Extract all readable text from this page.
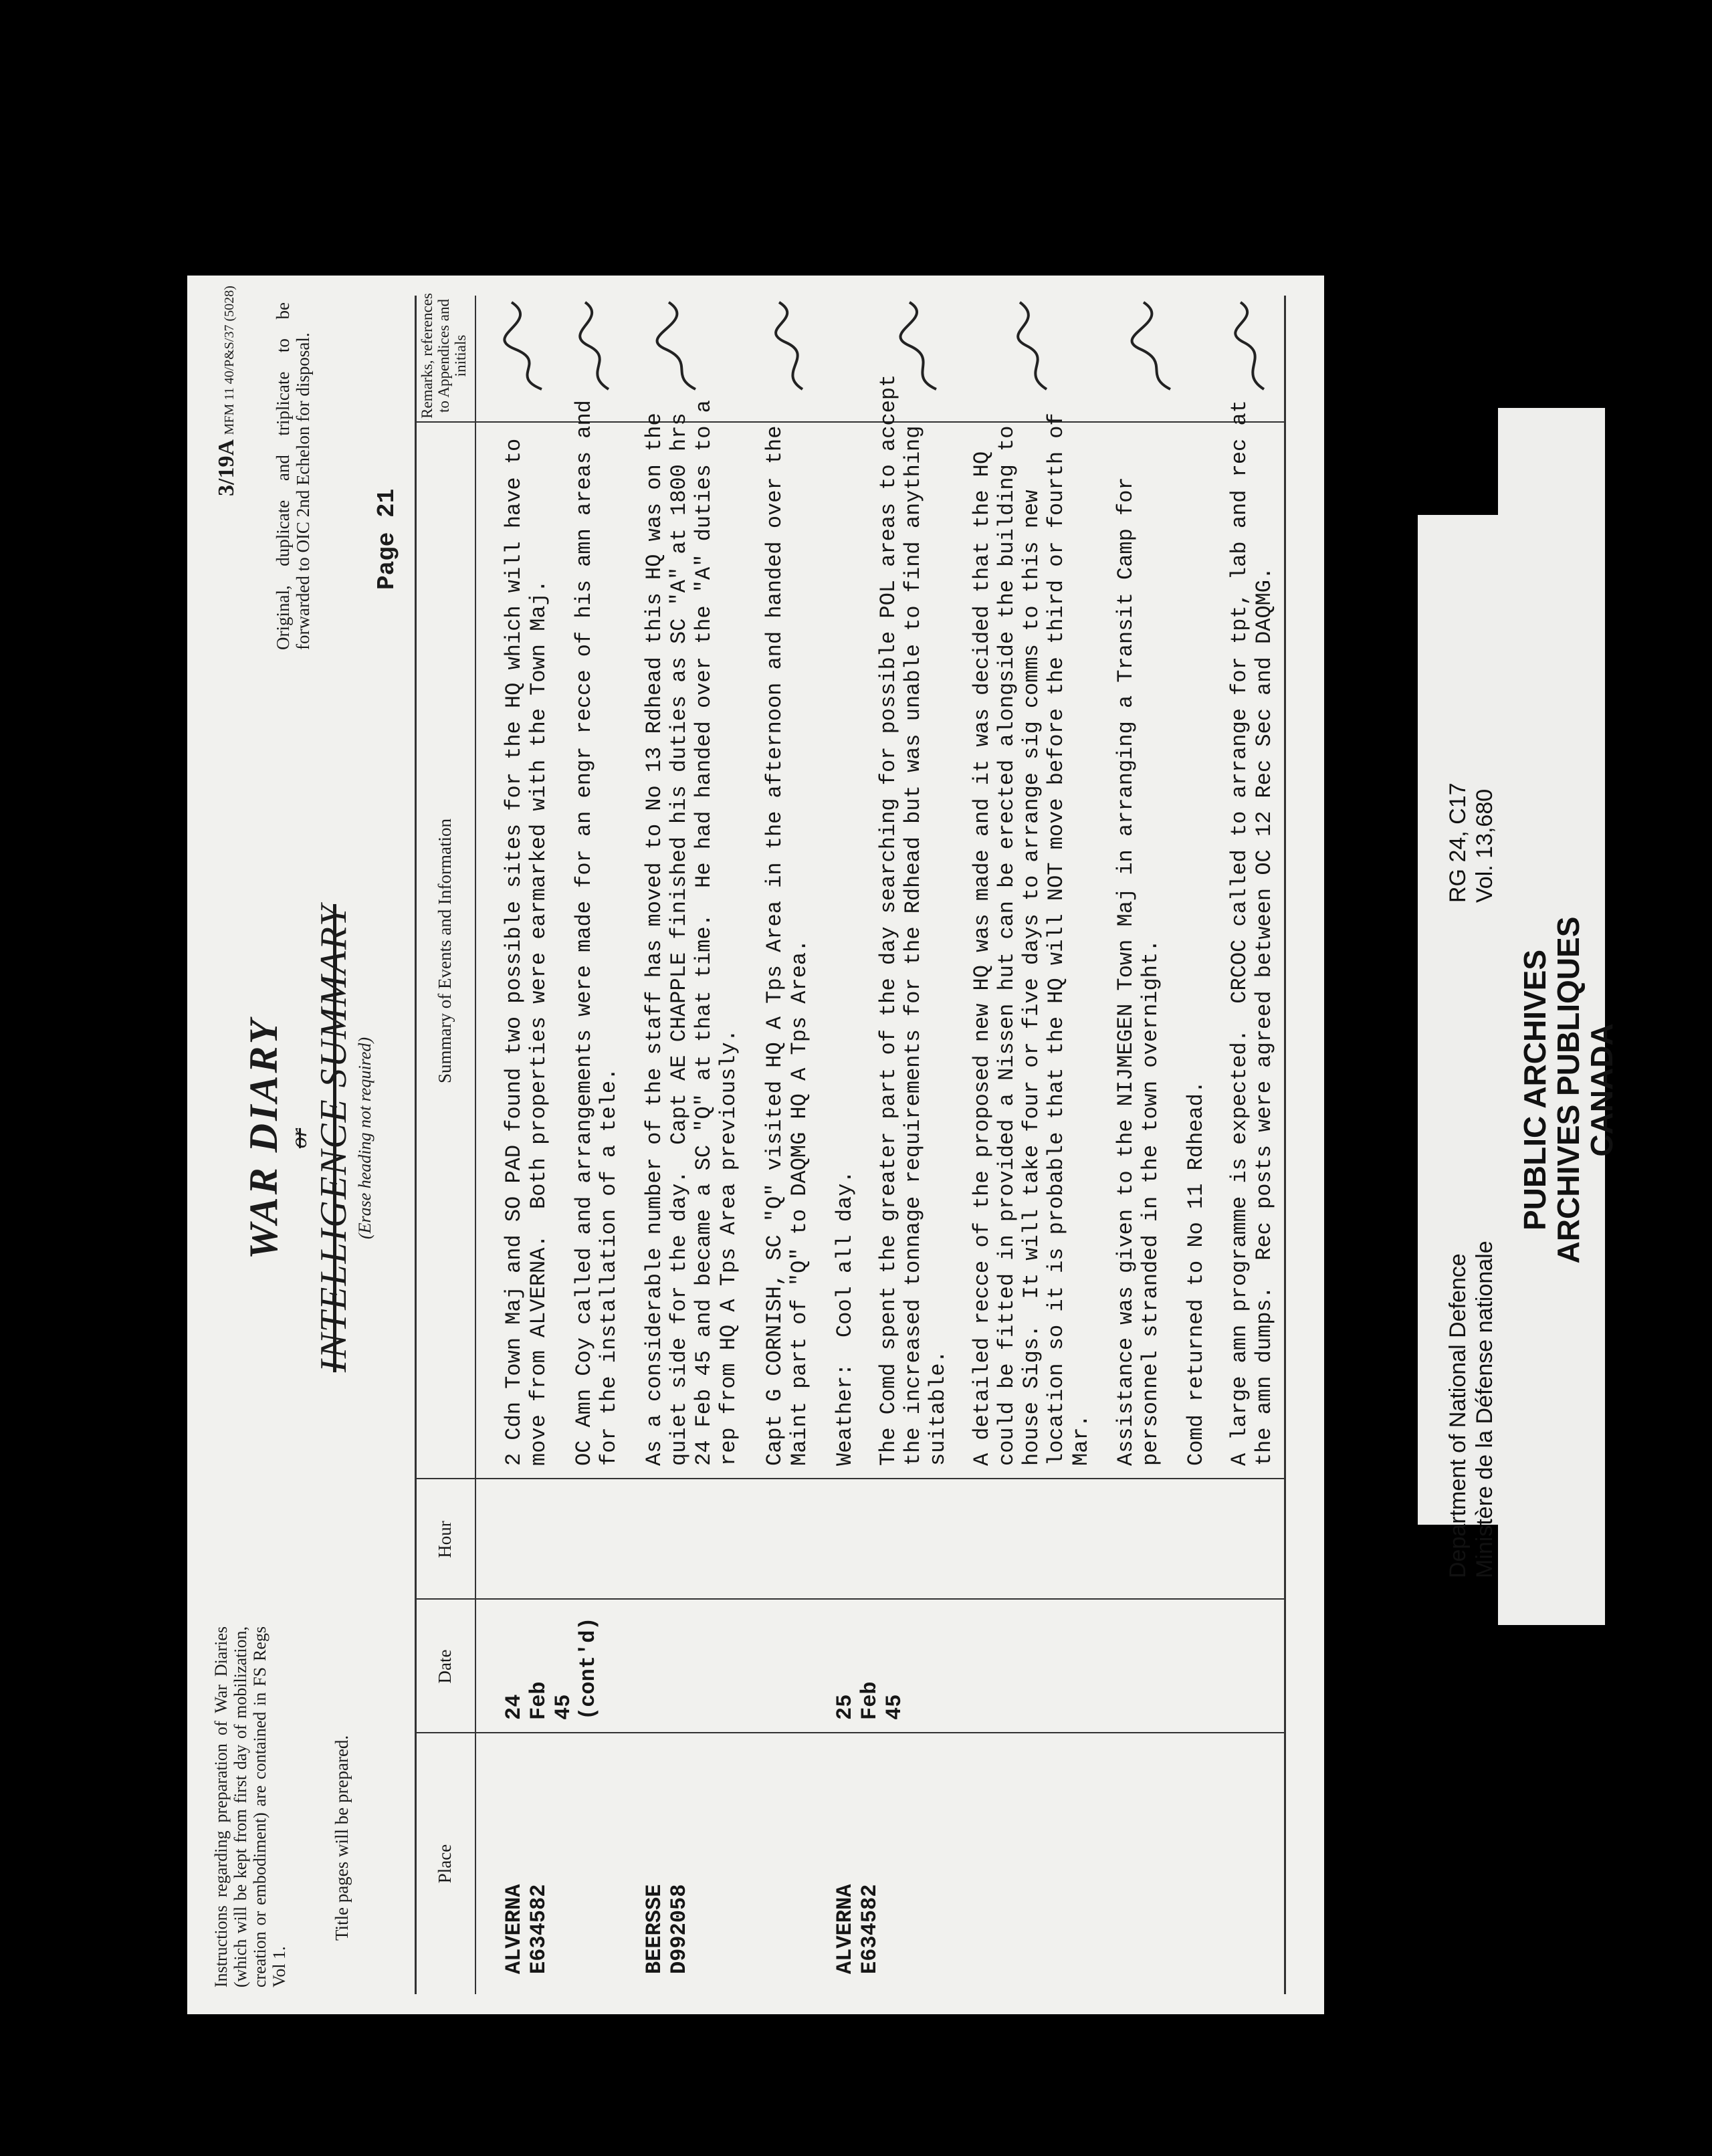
Instructions regarding preparation of War Diaries (which will be kept from first day of mobilization, creation or embodiment) are contained in FS Regs Vol 1.
Title pages will be prepared.
3/19A MFM 11 40/P&S/37 (5028) Original, duplicate and triplicate to be forwarded to OIC 2nd Echelon for disposal.
WAR DIARY or INTELLIGENCE SUMMARY (Erase heading not required)
Page 21
Place
Date
Hour
Summary of Events and Information
Remarks, references to Appendices and initials
ALVERNA
E634582
24
Feb
45
(cont'd)
2 Cdn Town Maj and SO PAD found two possible sites for the HQ which will have to
move from ALVERNA.  Both properties were earmarked with the Town Maj.
OC Amn Coy called and arrangements were made for an engr recce of his amn areas and
for the installation of a tele.
BEERSSE
D992058
As a considerable number of the staff has moved to No 13 Rdhead this HQ was on the
quiet side for the day.  Capt AE CHAPPLE finished his duties as SC "A" at 1800 hrs
24 Feb 45 and became a SC "Q" at that time.  He had handed over the "A" duties to a
rep from HQ A Tps Area previously.
Capt G CORNISH, SC "Q" visited HQ A Tps Area in the afternoon and handed over the
Maint part of "Q" to DAQMG HQ A Tps Area.
ALVERNA
E634582
25
Feb
45
Weather:  Cool all day. The Comd spent the greater part of the day searching for possible POL areas to accept
the increased tonnage requirements for the Rdhead but was unable to find anything
suitable. A detailed recce of the proposed new HQ was made and it was decided that the HQ
could be fitted in provided a Nissen hut can be erected alongside the building to
house Sigs.  It will take four or five days to arrange sig comms to this new
location so it is probable that the HQ will NOT move before the third or fourth of
Mar. Assistance was given to the NIJMEGEN Town Maj in arranging a Transit Camp for
personnel stranded in the town overnight.
Comd returned to No 11 Rdhead. A large amn programme is expected.  CRCOC called to arrange for tpt, lab and rec at
the amn dumps.  Rec posts were agreed between OC 12 Rec Sec and DAQMG.
Department of National Defence Ministère de la Défense nationale
RG 24, C17 Vol. 13,680
PUBLIC ARCHIVES
ARCHIVES PUBLIQUES
CANADA
